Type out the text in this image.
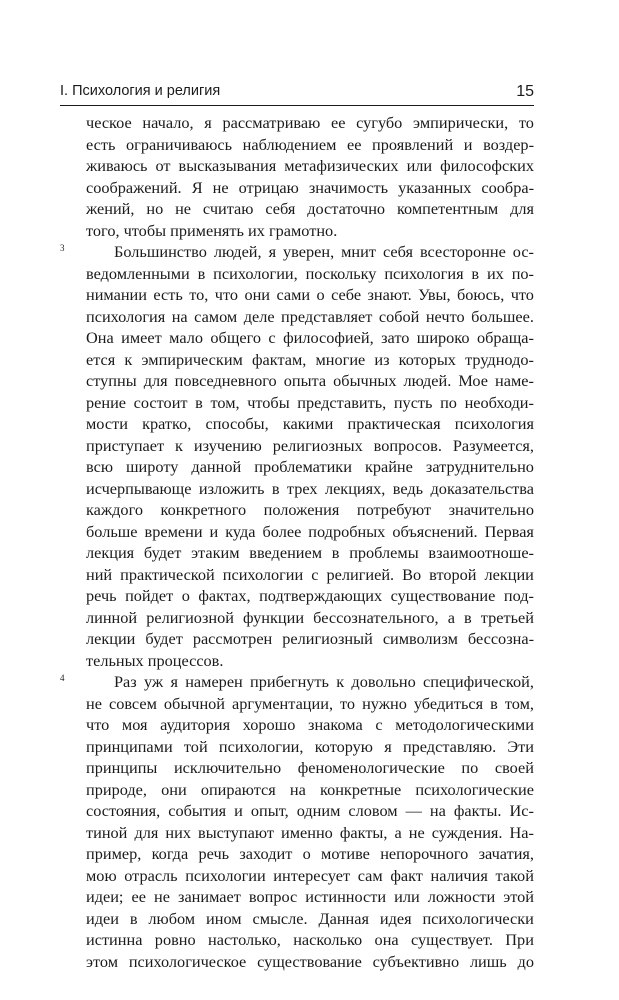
I. Психология и религия	15
ческое начало, я рассматриваю ее сугубо эмпирически, то
есть ограничиваюсь наблюдением ее проявлений и воздер-
живаюсь от высказывания метафизических или философских
соображений. Я не отрицаю значимость указанных сообра-
жений, но не считаю себя достаточно компетентным для
того, чтобы применять их грамотно.
3	Большинство людей, я уверен, мнит себя всесторонне ос-
ведомленными в психологии, поскольку психология в их по-
нимании есть то, что они сами о себе знают. Увы, боюсь, что
психология на самом деле представляет собой нечто большее.
Она имеет мало общего с философией, зато широко обраща-
ется к эмпирическим фактам, многие из которых труднодо-
ступны для повседневного опыта обычных людей. Мое наме-
рение состоит в том, чтобы представить, пусть по необходи-
мости кратко, способы, какими практическая психология
приступает к изучению религиозных вопросов. Разумеется,
всю широту данной проблематики крайне затруднительно
исчерпывающе изложить в трех лекциях, ведь доказательства
каждого конкретного положения потребуют значительно
больше времени и куда более подробных объяснений. Первая
лекция будет этаким введением в проблемы взаимоотноше-
ний практической психологии с религией. Во второй лекции
речь пойдет о фактах, подтверждающих существование под-
линной религиозной функции бессознательного, а в третьей
лекции будет рассмотрен религиозный символизм бессозна-
тельных процессов.
4	Раз уж я намерен прибегнуть к довольно специфической,
не совсем обычной аргументации, то нужно убедиться в том,
что моя аудитория хорошо знакома с методологическими
принципами той психологии, которую я представляю. Эти
принципы исключительно феноменологические по своей
природе, они опираются на конкретные психологические
состояния, события и опыт, одним словом — на факты. Ис-
тиной для них выступают именно факты, а не суждения. На-
пример, когда речь заходит о мотиве непорочного зачатия,
мою отрасль психологии интересует сам факт наличия такой
идеи; ее не занимает вопрос истинности или ложности этой
идеи в любом ином смысле. Данная идея психологически
истинна ровно настолько, насколько она существует. При
этом психологическое существование субъективно лишь до
